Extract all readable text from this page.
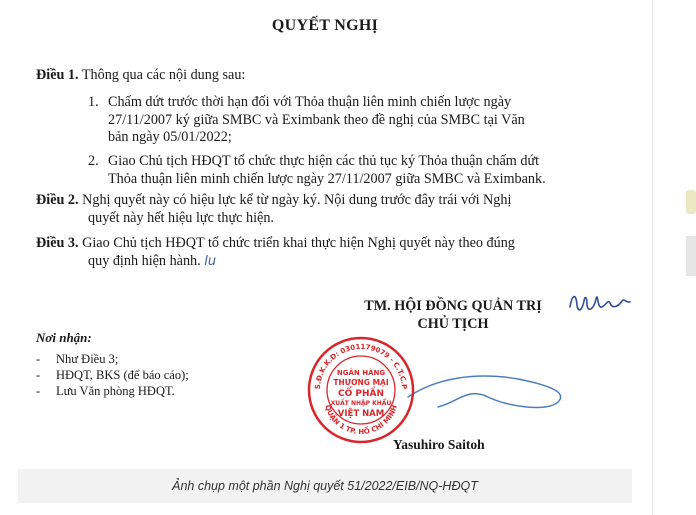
QUYẾT NGHỊ
Điều 1. Thông qua các nội dung sau:
1. Chấm dứt trước thời hạn đối với Thỏa thuận liên minh chiến lược ngày
27/11/2007 ký giữa SMBC và Eximbank theo đề nghị của SMBC tại Văn
bản ngày 05/01/2022;
2. Giao Chủ tịch HĐQT tổ chức thực hiện các thủ tục ký Thỏa thuận chấm dứt
Thỏa thuận liên minh chiến lược ngày 27/11/2007 giữa SMBC và Eximbank.
Điều 2. Nghị quyết này có hiệu lực kể từ ngày ký. Nội dung trước đây trái với Nghị
quyết này hết hiệu lực thực hiện.
Điều 3. Giao Chủ tịch HĐQT tổ chức triển khai thực hiện Nghị quyết này theo đúng
quy định hiện hành. lu
TM. HỘI ĐỒNG QUẢN TRỊ
CHỦ TỊCH
Nơi nhận:
- Như Điều 3;
- HĐQT, BKS (để báo cáo);
- Lưu Văn phòng HĐQT.	S.Đ.K.K.D: 0301179079 - C.T.C.P
QUẬN 1 TP. HỒ CHÍ MINH
NGÂN HÀNG
THƯƠNG MẠI
CỔ PHẦN
XUẤT NHẬP KHẨU
VIỆT NAM
Yasuhiro Saitoh
Ảnh chụp một phần Nghị quyết 51/2022/EIB/NQ-HĐQT
